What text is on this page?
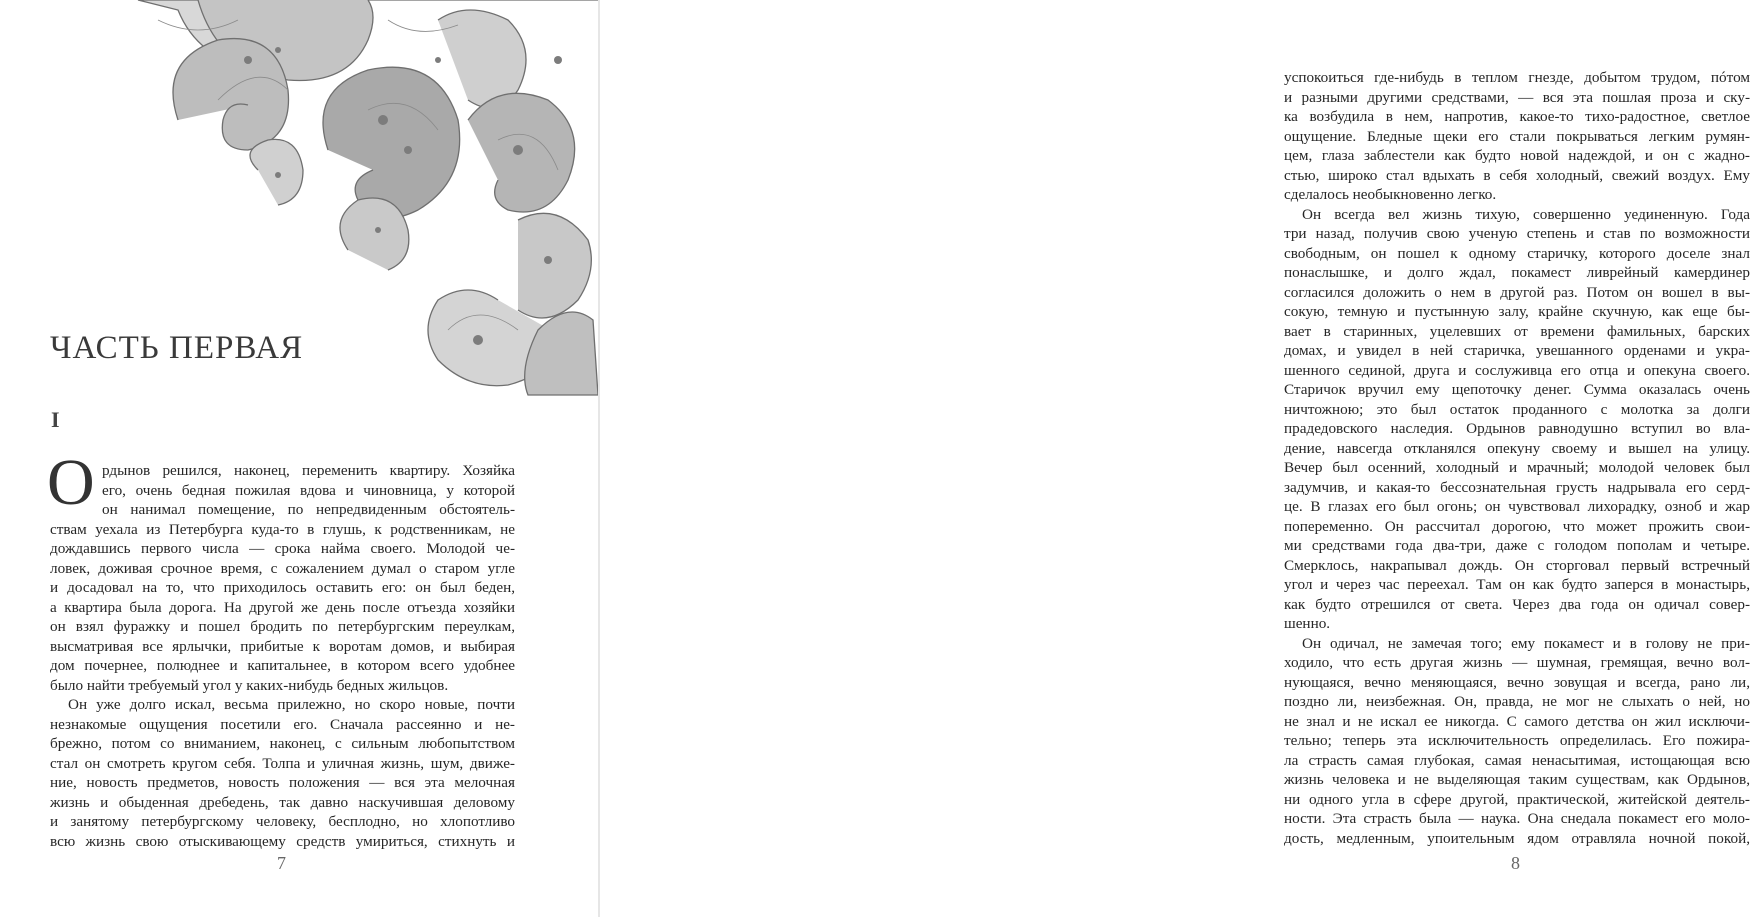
ЧАСТЬ ПЕРВАЯ
I
О рдынов решился, наконец, переменить квартиру. Хозяйка
его, очень бедная пожилая вдова и чиновница, у которой
он нанимал помещение, по непредвиденным обстоятель-
ствам уехала из Петербурга куда-то в глушь, к родственникам, не
дождавшись первого числа — срока найма своего. Молодой че-
ловек, доживая срочное время, с сожалением думал о старом угле
и досадовал на то, что приходилось оставить его: он был беден,
а квартира была дорога. На другой же день после отъезда хозяйки
он взял фуражку и пошел бродить по петербургским переулкам,
высматривая все ярлычки, прибитые к воротам домов, и выбирая
дом почернее, полюднее и капитальнее, в котором всего удобнее
было найти требуемый угол у каких-нибудь бедных жильцов.
Он уже долго искал, весьма прилежно, но скоро новые, почти
незнакомые ощущения посетили его. Сначала рассеянно и не-
брежно, потом со вниманием, наконец, с сильным любопытством
стал он смотреть кругом себя. Толпа и уличная жизнь, шум, движе-
ние, новость предметов, новость положения — вся эта мелочная
жизнь и обыденная дребедень, так давно наскучившая деловому
и занятому петербургскому человеку, бесплодно, но хлопотливо
всю жизнь свою отыскивающему средств умириться, стихнуть и
7
успокоиться где-нибудь в теплом гнезде, добытом трудом, пóтом
и разными другими средствами, — вся эта пошлая проза и ску-
ка возбудила в нем, напротив, какое-то тихо-радостное, светлое
ощущение. Бледные щеки его стали покрываться легким румян-
цем, глаза заблестели как будто новой надеждой, и он с жадно-
стью, широко стал вдыхать в себя холодный, свежий воздух. Ему
сделалось необыкновенно легко.
Он всегда вел жизнь тихую, совершенно уединенную. Года
три назад, получив свою ученую степень и став по возможности
свободным, он пошел к одному старичку, которого доселе знал
понаслышке, и долго ждал, покамест ливрейный камердинер
согласился доложить о нем в другой раз. Потом он вошел в вы-
сокую, темную и пустынную залу, крайне скучную, как еще бы-
вает в старинных, уцелевших от времени фамильных, барских
домах, и увидел в ней старичка, увешанного орденами и укра-
шенного сединой, друга и сослуживца его отца и опекуна своего.
Старичок вручил ему щепоточку денег. Сумма оказалась очень
ничтожною; это был остаток проданного с молотка за долги
прадедовского наследия. Ордынов равнодушно вступил во вла-
дение, навсегда откланялся опекуну своему и вышел на улицу.
Вечер был осенний, холодный и мрачный; молодой человек был
задумчив, и какая-то бессознательная грусть надрывала его серд-
це. В глазах его был огонь; он чувствовал лихорадку, озноб и жар
попеременно. Он рассчитал дорогою, что может прожить свои-
ми средствами года два-три, даже с голодом пополам и четыре.
Смерклось, накрапывал дождь. Он сторговал первый встречный
угол и через час переехал. Там он как будто заперся в монастырь,
как будто отрешился от света. Через два года он одичал совер-
шенно.
Он одичал, не замечая того; ему покамест и в голову не при-
ходило, что есть другая жизнь — шумная, гремящая, вечно вол-
нующаяся, вечно меняющаяся, вечно зовущая и всегда, рано ли,
поздно ли, неизбежная. Он, правда, не мог не слыхать о ней, но
не знал и не искал ее никогда. С самого детства он жил исключи-
тельно; теперь эта исключительность определилась. Его пожира-
ла страсть самая глубокая, самая ненасытимая, истощающая всю
жизнь человека и не выделяющая таким существам, как Ордынов,
ни одного угла в сфере другой, практической, житейской деятель-
ности. Эта страсть была — наука. Она снедала покамест его моло-
дость, медленным, упоительным ядом отравляла ночной покой,
8
